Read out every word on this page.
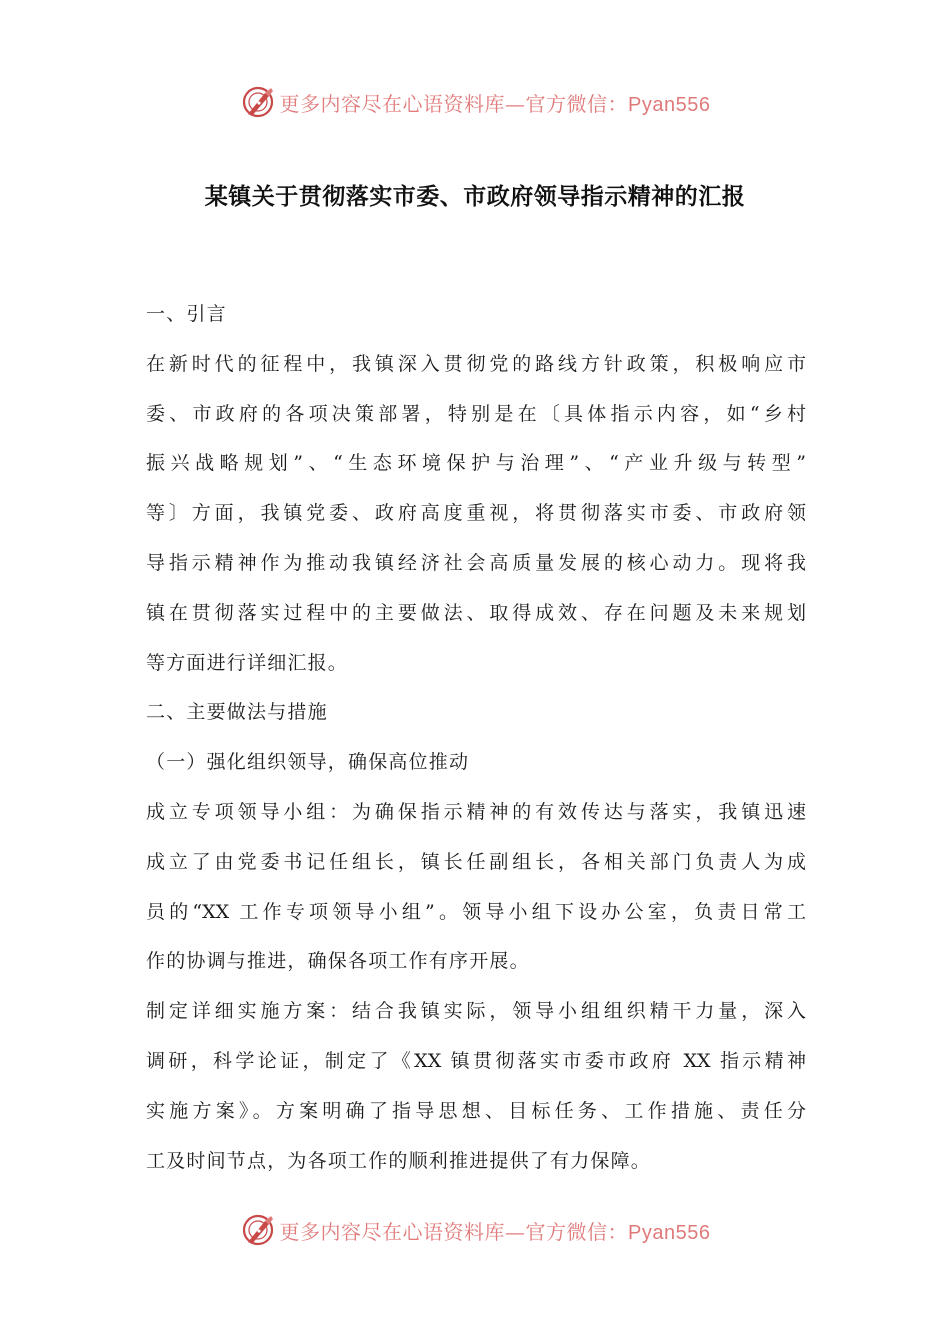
更多内容尽在心语资料库—官方微信：Pyan556
某镇关于贯彻落实市委、市政府领导指示精神的汇报
一、引言
在新时代的征程中，我镇深入贯彻党的路线方针政策，积极响应市
委、市政府的各项决策部署，特别是在〔具体指示内容，如“乡村
振兴战略规划”、“生态环境保护与治理”、“产业升级与转型”
等〕方面，我镇党委、政府高度重视，将贯彻落实市委、市政府领
导指示精神作为推动我镇经济社会高质量发展的核心动力。现将我
镇在贯彻落实过程中的主要做法、取得成效、存在问题及未来规划
等方面进行详细汇报。
二、主要做法与措施
（一）强化组织领导，确保高位推动
成立专项领导小组：为确保指示精神的有效传达与落实，我镇迅速
成立了由党委书记任组长，镇长任副组长，各相关部门负责人为成
员的“XX 工作专项领导小组”。领导小组下设办公室，负责日常工
作的协调与推进，确保各项工作有序开展。
制定详细实施方案：结合我镇实际，领导小组组织精干力量，深入
调研，科学论证，制定了《XX 镇贯彻落实市委市政府 XX 指示精神
实施方案》。方案明确了指导思想、目标任务、工作措施、责任分
工及时间节点，为各项工作的顺利推进提供了有力保障。
更多内容尽在心语资料库—官方微信：Pyan556
